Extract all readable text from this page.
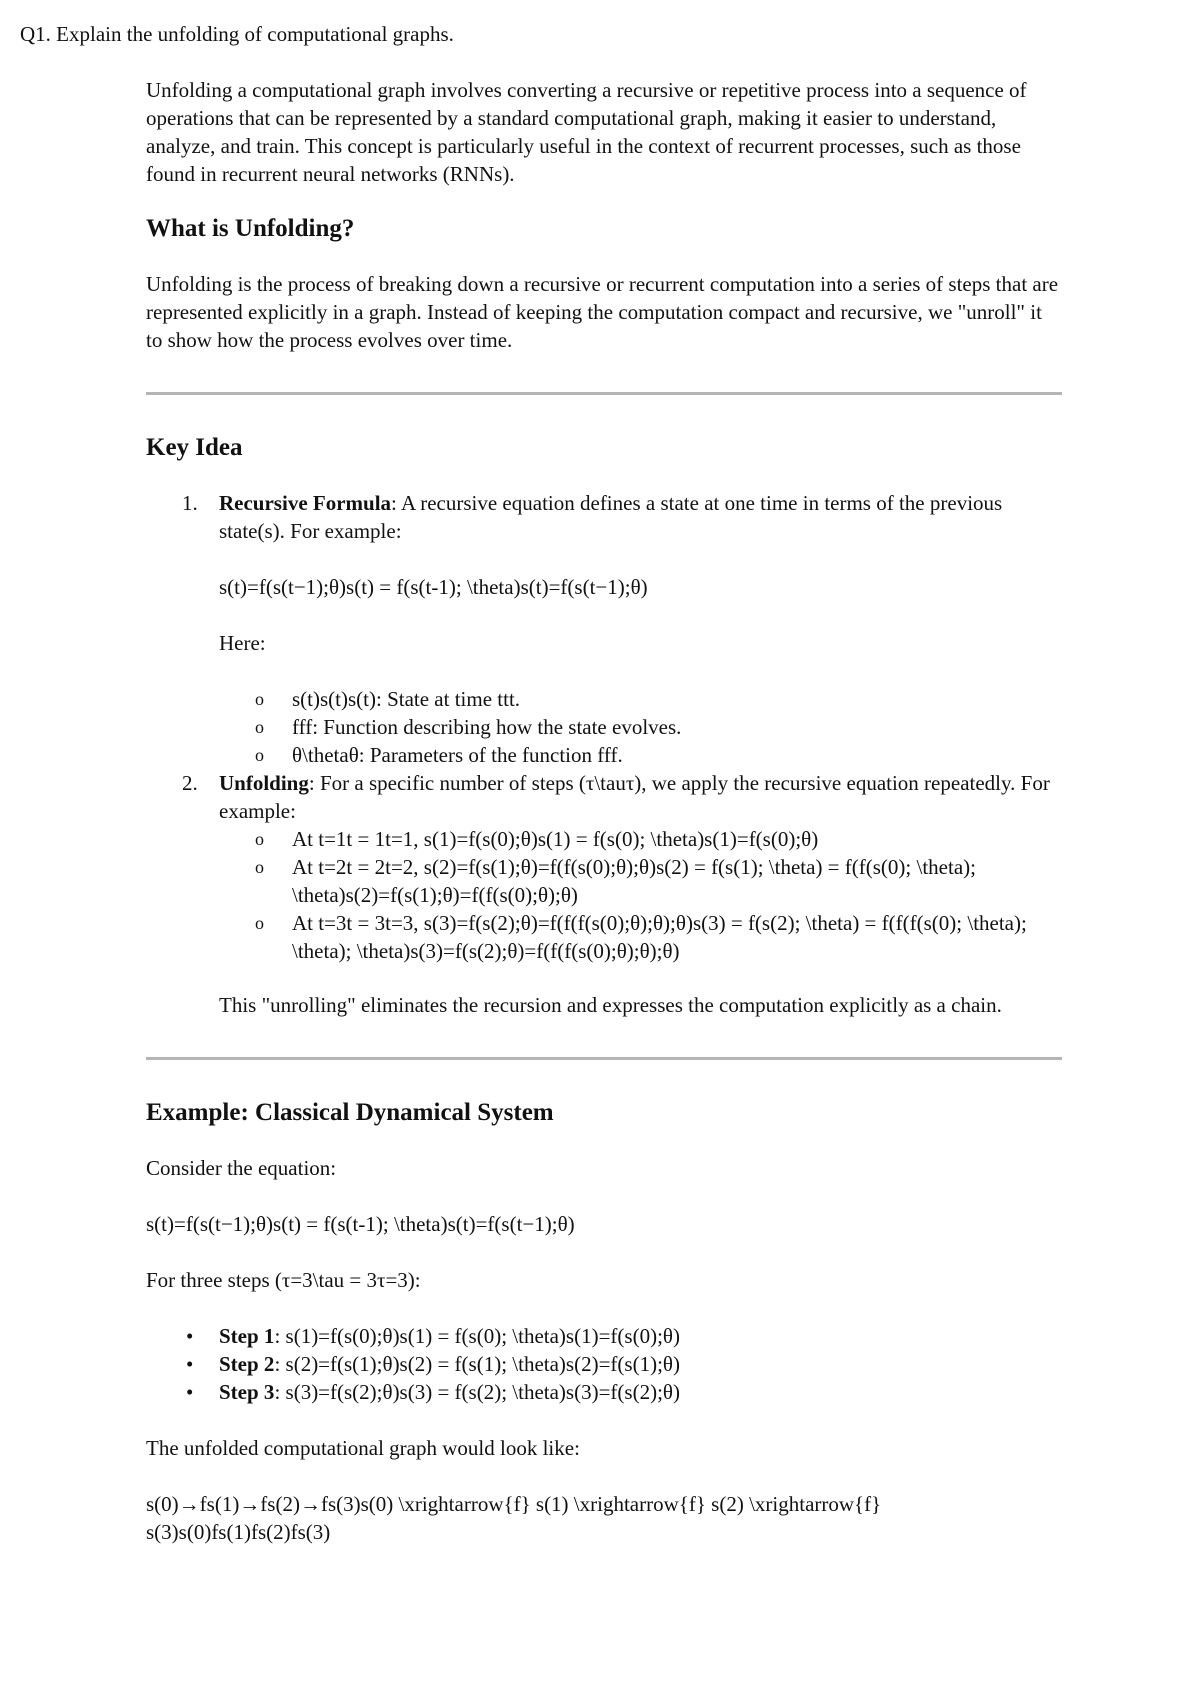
Q1. Explain the unfolding of computational graphs.

Unfolding a computational graph involves converting a recursive or repetitive process into a sequence of operations that can be represented by a standard computational graph, making it easier to understand, analyze, and train. This concept is particularly useful in the context of recurrent processes, such as those found in recurrent neural networks (RNNs).

What is Unfolding?

Unfolding is the process of breaking down a recursive or recurrent computation into a series of steps that are represented explicitly in a graph. Instead of keeping the computation compact and recursive, we "unroll" it to show how the process evolves over time.

Key Idea
1. Recursive Formula: A recursive equation defines a state at one time in terms of the previous state(s). For example:

s(t)=f(s(t−1);θ)s(t) = f(s(t-1); \theta)s(t)=f(s(t−1);θ)

Here:

o s(t)s(t)s(t): State at time ttt.
o fff: Function describing how the state evolves.
o θ\thetaθ: Parameters of the function fff.
2. Unfolding: For a specific number of steps (τ\tauτ), we apply the recursive equation repeatedly. For example:

o At t=1t = 1t=1, s(1)=f(s(0);θ)s(1) = f(s(0); \theta)s(1)=f(s(0);θ)
o At t=2t = 2t=2, s(2)=f(s(1);θ)=f(f(s(0);θ);θ)s(2) = f(s(1); \theta) = f(f(s(0); \theta); \theta)s(2)=f(s(1);θ)=f(f(s(0);θ);θ)
o At t=3t = 3t=3, s(3)=f(s(2);θ)=f(f(f(s(0);θ);θ);θ)s(3) = f(s(2); \theta) = f(f(f(s(0); \theta); \theta); \theta)s(3)=f(s(2);θ)=f(f(f(s(0);θ);θ);θ)

This "unrolling" eliminates the recursion and expresses the computation explicitly as a chain.

Example: Classical Dynamical System

Consider the equation:

s(t)=f(s(t−1);θ)s(t) = f(s(t-1); \theta)s(t)=f(s(t−1);θ)

For three steps (τ=3\tau = 3τ=3):

• Step 1: s(1)=f(s(0);θ)s(1) = f(s(0); \theta)s(1)=f(s(0);θ)
• Step 2: s(2)=f(s(1);θ)s(2) = f(s(1); \theta)s(2)=f(s(1);θ)
• Step 3: s(3)=f(s(2);θ)s(3) = f(s(2); \theta)s(3)=f(s(2);θ)

The unfolded computational graph would look like:

s(0)→fs(1)→fs(2)→fs(3)s(0) \xrightarrow{f} s(1) \xrightarrow{f} s(2) \xrightarrow{f} s(3)s(0)fs(1)fs(2)fs(3)
